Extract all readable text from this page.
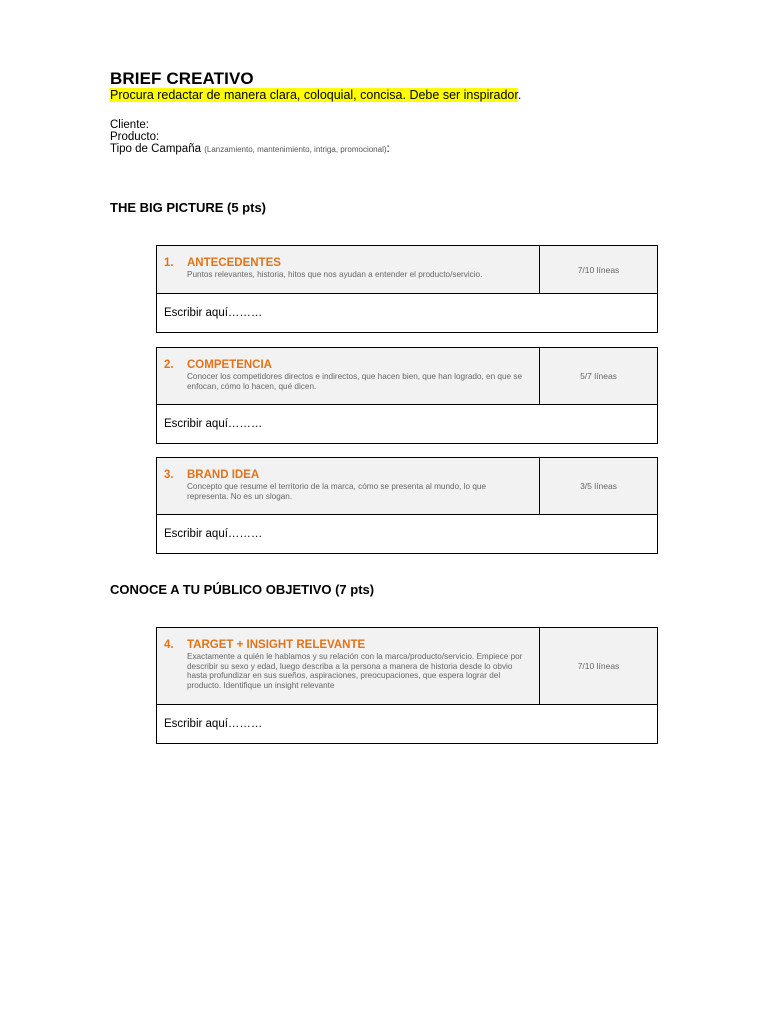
BRIEF CREATIVO
Procura redactar de manera clara, coloquial, concisa. Debe ser inspirador.
Cliente:
Producto:
Tipo de Campaña (Lanzamiento, mantenimiento, intriga, promocional):
THE BIG PICTURE (5 pts)
1.	ANTECEDENTES
Puntos relevantes, historia, hitos que nos ayudan a entender el producto/servicio.	7/10 líneas
Escribir aquí………
2.	COMPETENCIA
Conocer los competidores directos e indirectos, que hacen bien, que han logrado, en que se enfocan, cómo lo hacen, qué dicen.
5/7 líneas
Escribir aquí………
3.	BRAND IDEA
Concepto que resume el territorio de la marca, cómo se presenta al mundo, lo que representa. No es un slogan.
3/5 líneas
Escribir aquí………
CONOCE A TU PÚBLICO OBJETIVO (7 pts)
4.	TARGET + INSIGHT RELEVANTE
Exactamente a quién le hablamos y su relación con la marca/producto/servicio. Empiece por describir su sexo y edad, luego describa a la persona a manera de historia desde lo obvio hasta profundizar en sus sueños, aspiraciones, preocupaciones, que espera lograr del producto. Identifique un insight relevante
7/10 líneas
Escribir aquí………
